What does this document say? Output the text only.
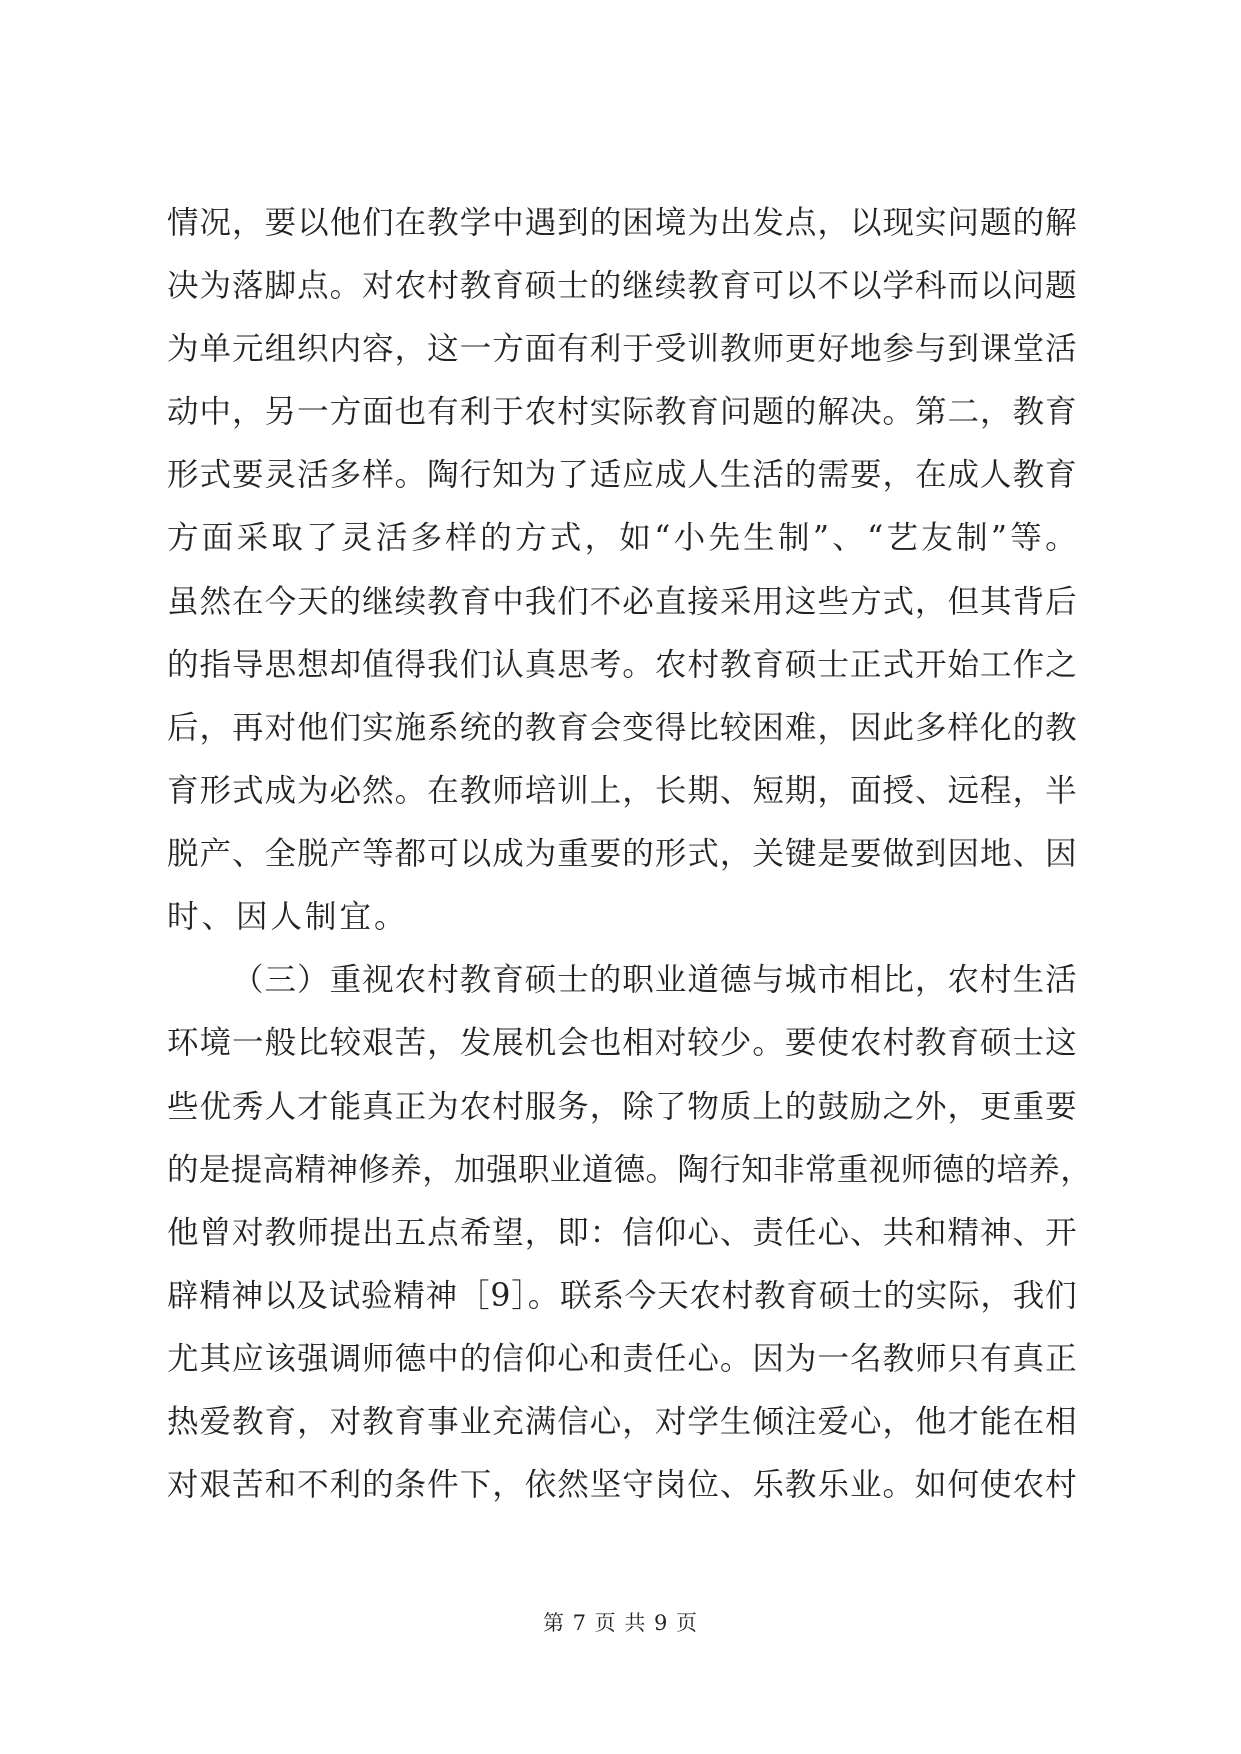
情况，要以他们在教学中遇到的困境为出发点，以现实问题的解
决为落脚点。对农村教育硕士的继续教育可以不以学科而以问题
为单元组织内容，这一方面有利于受训教师更好地参与到课堂活
动中，另一方面也有利于农村实际教育问题的解决。第二，教育
形式要灵活多样。陶行知为了适应成人生活的需要，在成人教育
方面采取了灵活多样的方式，如“小先生制”、“艺友制”等。
虽然在今天的继续教育中我们不必直接采用这些方式，但其背后
的指导思想却值得我们认真思考。农村教育硕士正式开始工作之
后，再对他们实施系统的教育会变得比较困难，因此多样化的教
育形式成为必然。在教师培训上，长期、短期，面授、远程，半
脱产、全脱产等都可以成为重要的形式，关键是要做到因地、因
时、因人制宜。
（三）重视农村教育硕士的职业道德与城市相比，农村生活
环境一般比较艰苦，发展机会也相对较少。要使农村教育硕士这
些优秀人才能真正为农村服务，除了物质上的鼓励之外，更重要
的是提高精神修养，加强职业道德。陶行知非常重视师德的培养，
他曾对教师提出五点希望，即：信仰心、责任心、共和精神、开
辟精神以及试验精神［9］。联系今天农村教育硕士的实际，我们
尤其应该强调师德中的信仰心和责任心。因为一名教师只有真正
热爱教育，对教育事业充满信心，对学生倾注爱心，他才能在相
对艰苦和不利的条件下，依然坚守岗位、乐教乐业。如何使农村
第 7 页 共 9 页
